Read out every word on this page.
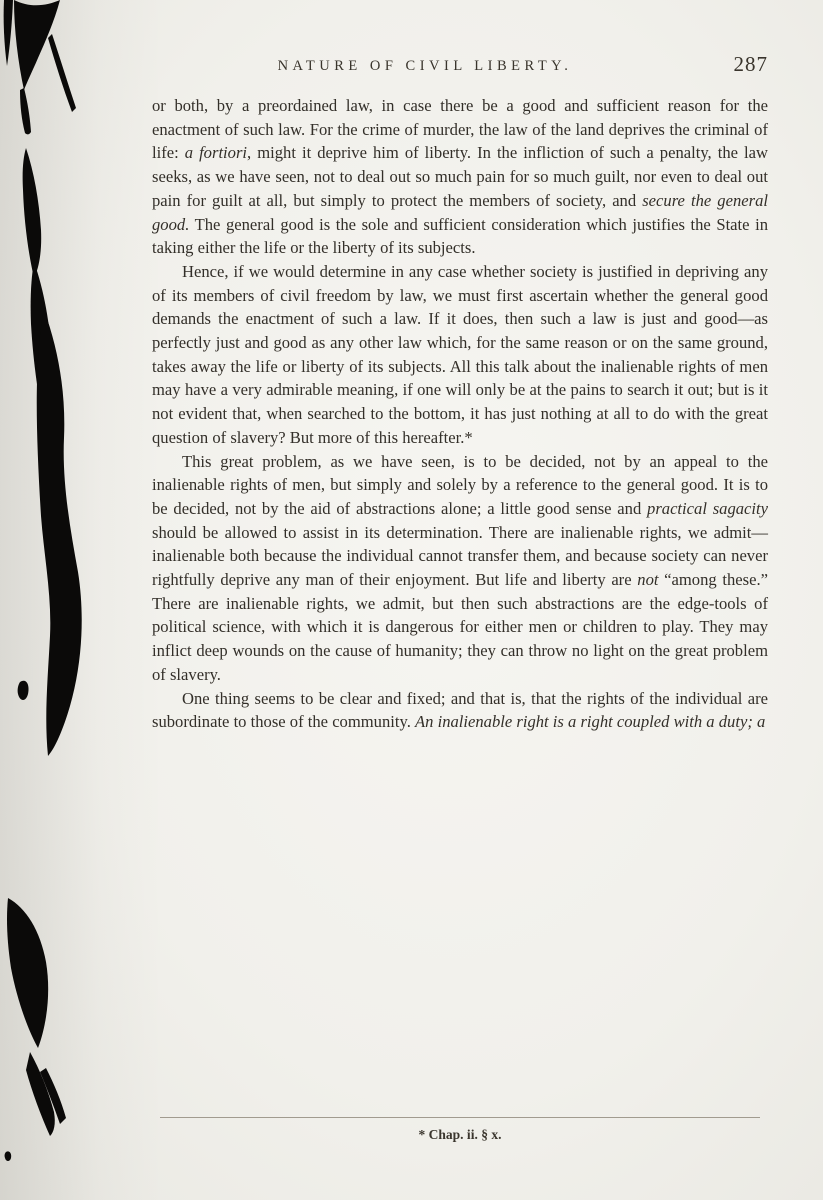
NATURE OF CIVIL LIBERTY.	287

or both, by a preordained law, in case there be a good and sufficient reason for the enactment of such law. For the crime of murder, the law of the land deprives the criminal of life: a fortiori, might it deprive him of liberty. In the infliction of such a penalty, the law seeks, as we have seen, not to deal out so much pain for so much guilt, nor even to deal out pain for guilt at all, but simply to protect the members of society, and secure the general good. The general good is the sole and sufficient consideration which justifies the State in taking either the life or the liberty of its subjects.

Hence, if we would determine in any case whether society is justified in depriving any of its members of civil freedom by law, we must first ascertain whether the general good demands the enactment of such a law. If it does, then such a law is just and good—as perfectly just and good as any other law which, for the same reason or on the same ground, takes away the life or liberty of its subjects. All this talk about the inalienable rights of men may have a very admirable meaning, if one will only be at the pains to search it out; but is it not evident that, when searched to the bottom, it has just nothing at all to do with the great question of slavery? But more of this hereafter.*

This great problem, as we have seen, is to be decided, not by an appeal to the inalienable rights of men, but simply and solely by a reference to the general good. It is to be decided, not by the aid of abstractions alone; a little good sense and practical sagacity should be allowed to assist in its determination. There are inalienable rights, we admit—inalienable both because the individual cannot transfer them, and because society can never rightfully deprive any man of their enjoyment. But life and liberty are not “among these.” There are inalienable rights, we admit, but then such abstractions are the edge-tools of political science, with which it is dangerous for either men or children to play. They may inflict deep wounds on the cause of humanity; they can throw no light on the great problem of slavery.

One thing seems to be clear and fixed; and that is, that the rights of the individual are subordinate to those of the community. An inalienable right is a right coupled with a duty; a

* Chap. ii. § x.
